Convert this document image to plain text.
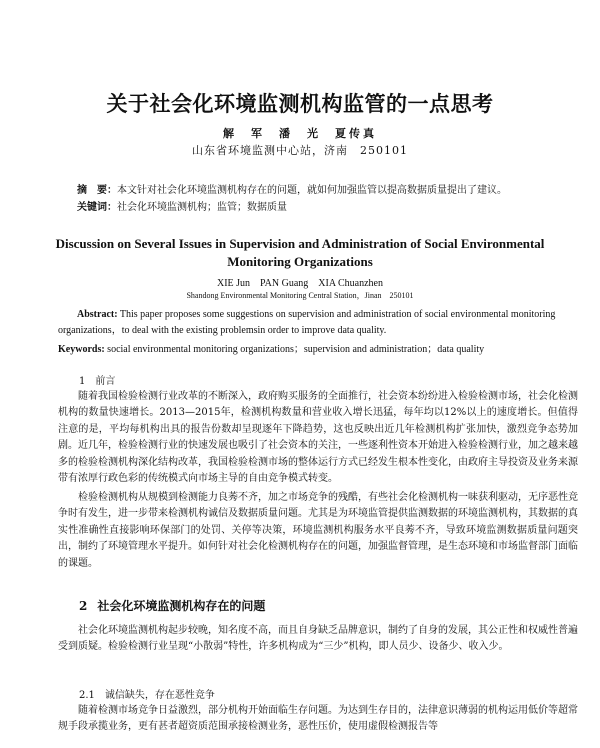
关于社会化环境监测机构监管的一点思考
解　军　潘　光　夏传真
山东省环境监测中心站，济南　250101
摘　要：本文针对社会化环境监测机构存在的问题，就如何加强监管以提高数据质量提出了建议。
关键词：社会化环境监测机构；监管；数据质量
Discussion on Several Issues in Supervision and Administration of Social Environmental Monitoring Organizations
XIE Jun　PAN Guang　XIA Chuanzhen
Shandong Environmental Monitoring Central Station，Jinan　250101
Abstract: This paper proposes some suggestions on supervision and administration of social environmental monitoring organizations，to deal with the existing problemsin order to improve data quality.
Keywords: social environmental monitoring organizations；supervision and administration；data quality
1　 前言

随着我国检验检测行业改革的不断深入，政府购买服务的全面推行，社会资本纷纷进入检验检测市场，社会化检测机构的数量快速增长。2013—2015年，检测机构数量和营业收入增长迅猛，每年均以12%以上的速度增长。但值得注意的是，平均每机构出具的报告份数却呈现逐年下降趋势，这也反映出近几年检测机构扩张加快，激烈竞争态势加剧。近几年，检验检测行业的快速发展也吸引了社会资本的关注，一些逐利性资本开始进入检验检测行业，加之越来越多的检验检测机构深化结构改革，我国检验检测市场的整体运行方式已经发生根本性变化，由政府主导投资及业务来源带有浓厚行政色彩的传统模式向市场主导的自由竞争模式转变。

检验检测机构从规模到检测能力良莠不齐，加之市场竞争的残酷，有些社会化检测机构一味获利驱动，无序恶性竞争时有发生，进一步带来检测机构诚信及数据质量问题。尤其是为环境监管提供监测数据的环境监测机构，其数据的真实性准确性直接影响环保部门的处罚、关停等决策，环境监测机构服务水平良莠不齐，导致环境监测数据质量问题突出，制约了环境管理水平提升。如何针对社会化检测机构存在的问题，加强监督管理，是生态环境和市场监督部门面临的课题。

2 社会化环境监测机构存在的问题

社会化环境监测机构起步较晚，知名度不高，而且自身缺乏品牌意识，制约了自身的发展，其公正性和权威性普遍受到质疑。检验检测行业呈现“小散弱”特性，许多机构成为“三少”机构，即人员少、设备少、收入少。

2.1 诚信缺失，存在恶性竞争

随着检测市场竞争日益激烈，部分机构开始面临生存问题。为达到生存目的，法律意识薄弱的机构运用低价等超常规手段承揽业务，更有甚者超资质范围承接检测业务，恶性压价，使用虚假检测报告等
